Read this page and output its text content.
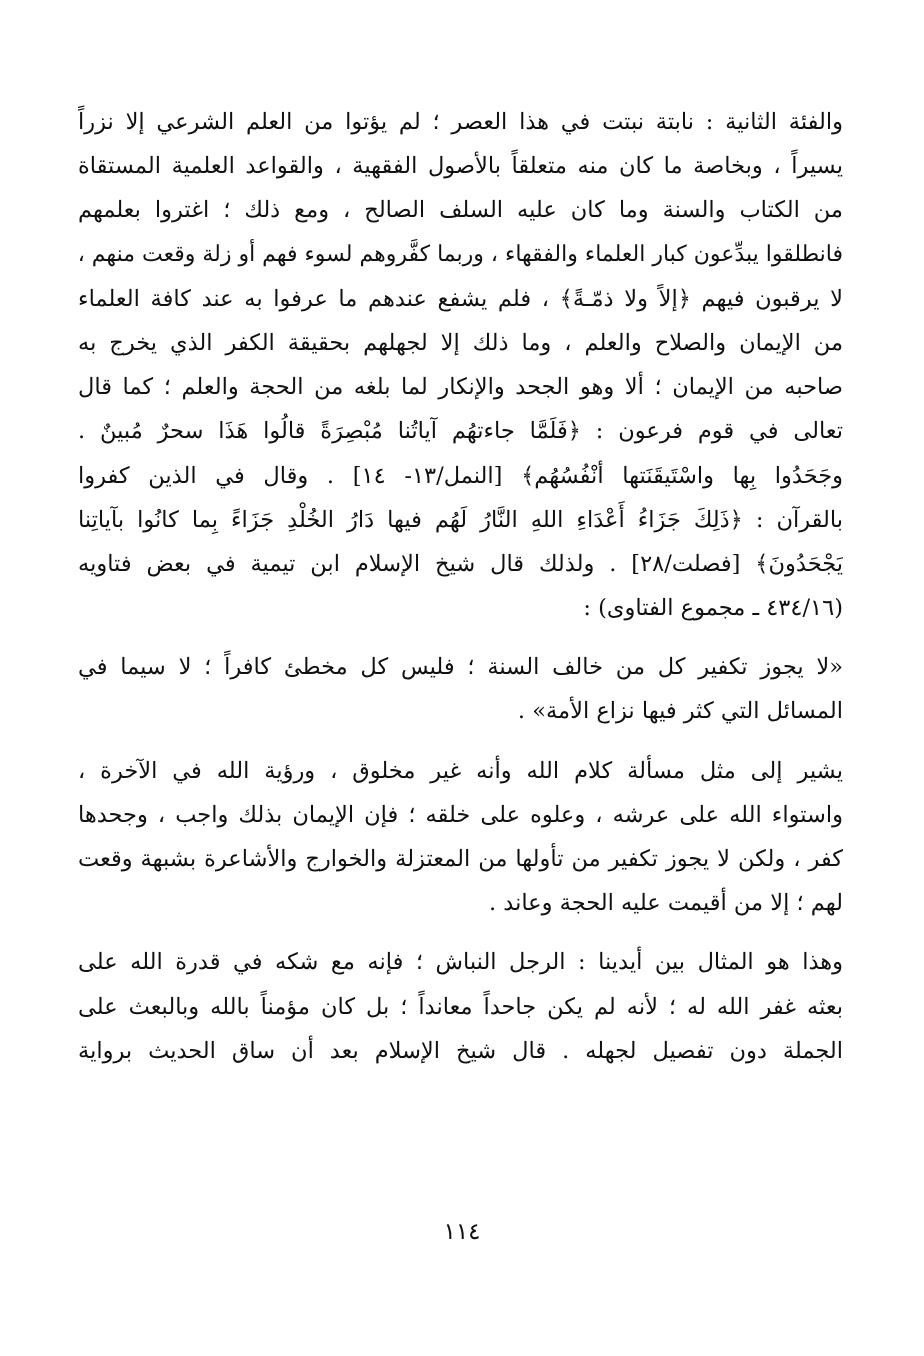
والفئة الثانية : نابتة نبتت في هذا العصر ؛ لم يؤتوا من العلم الشرعي إلا نزراً
يسيراً ، وبخاصة ما كان منه متعلقاً بالأصول الفقهية ، والقواعد العلمية المستقاة
من الكتاب والسنة وما كان عليه السلف الصالح ، ومع ذلك ؛ اغتروا بعلمهم
فانطلقوا يبدِّعون كبار العلماء والفقهاء ، وربما كفَّروهم لسوء فهم أو زلة وقعت منهم ،
لا يرقبون فيهم ﴿إلاً ولا ذمّـةً﴾ ، فلم يشفع عندهم ما عرفوا به عند كافة العلماء
من الإيمان والصلاح والعلم ، وما ذلك إلا لجهلهم بحقيقة الكفر الذي يخرج به
صاحبه من الإيمان ؛ ألا وهو الجحد والإنكار لما بلغه من الحجة والعلم ؛ كما قال
تعالى في قوم فرعون : ﴿فَلَمَّا جاءتهُم آياتُنا مُبْصِرَةً قالُوا هَذَا سحرٌ مُبينٌ .
وجَحَدُوا بِها واسْتَيقَنَتها أنْفُسُهُم﴾ [النمل/١٣- ١٤] . وقال في الذين كفروا
بالقرآن : ﴿ذَلِكَ جَزَاءُ أَعْدَاءِ اللهِ النَّارُ لَهُم فيها دَارُ الخُلْدِ جَزَاءً بِما كانُوا بآياتِنا
يَجْحَدُونَ﴾ [فصلت/٢٨] . ولذلك قال شيخ الإسلام ابن تيمية في بعض فتاويه
(٤٣٤/١٦ ـ مجموع الفتاوى) :
«لا يجوز تكفير كل من خالف السنة ؛ فليس كل مخطئ كافراً ؛ لا سيما في
المسائل التي كثر فيها نزاع الأمة» .
يشير إلى مثل مسألة كلام الله وأنه غير مخلوق ، ورؤية الله في الآخرة ،
واستواء الله على عرشه ، وعلوه على خلقه ؛ فإن الإيمان بذلك واجب ، وجحدها
كفر ، ولكن لا يجوز تكفير من تأولها من المعتزلة والخوارج والأشاعرة بشبهة وقعت
لهم ؛ إلا من أقيمت عليه الحجة وعاند .
وهذا هو المثال بين أيدينا : الرجل النباش ؛ فإنه مع شكه في قدرة الله على
بعثه غفر الله له ؛ لأنه لم يكن جاحداً معانداً ؛ بل كان مؤمناً بالله وبالبعث على
الجملة دون تفصيل لجهله . قال شيخ الإسلام بعد أن ساق الحديث برواية
١١٤
